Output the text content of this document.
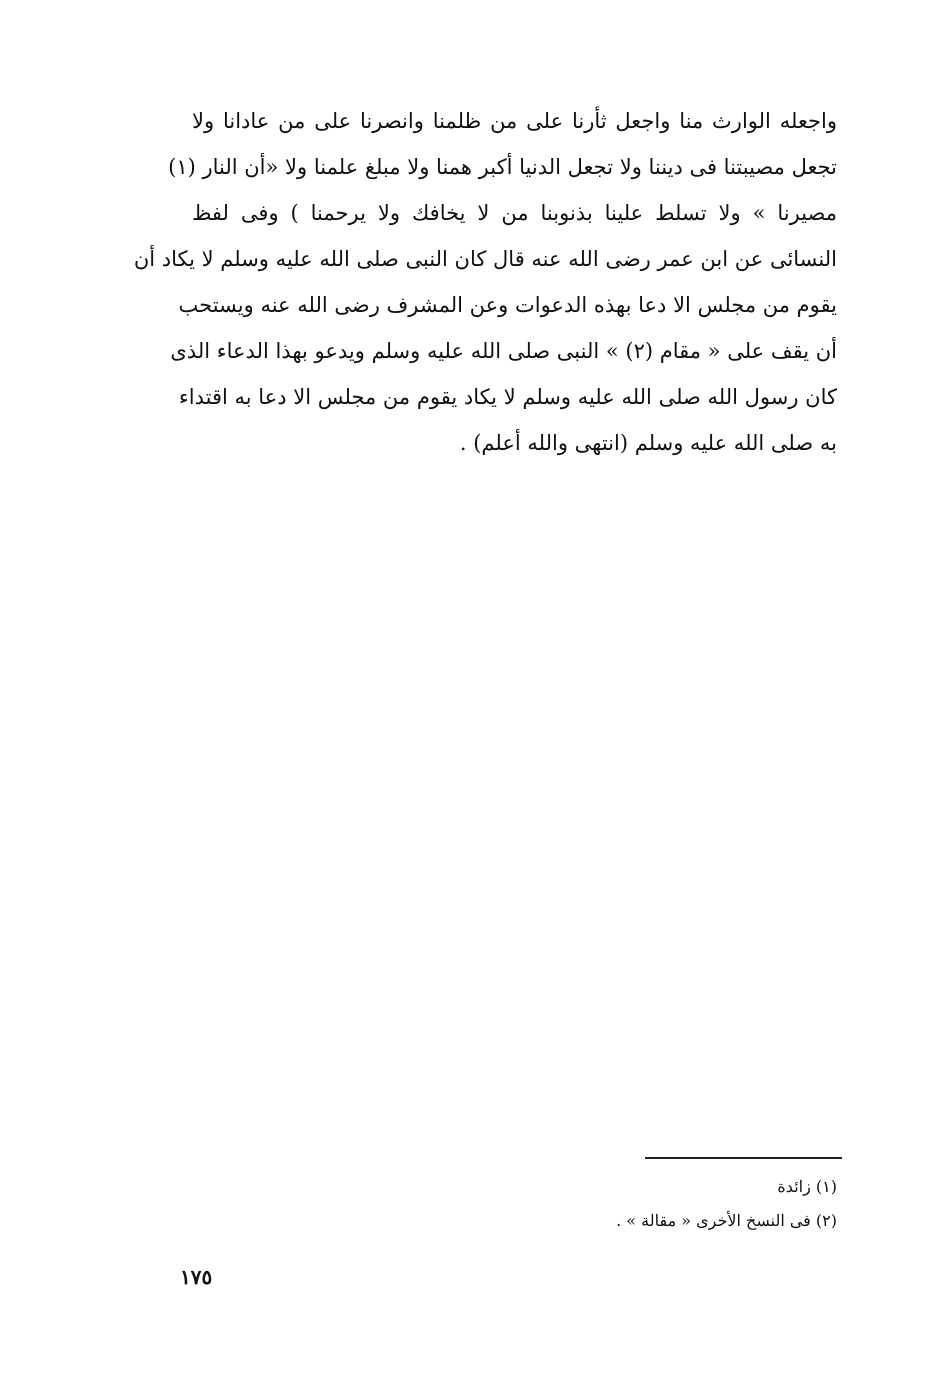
واجعله الوارث منا واجعل ثأرنا على من ظلمنا وانصرنا على من عادانا ولا
تجعل مصيبتنا فى ديننا ولا تجعل الدنيا أكبر همنا ولا مبلغ علمنا ولا «أن النار (١)
مصيرنا » ولا تسلط علينا بذنوبنا من لا يخافك ولا يرحمنا ) وفى لفظ
النسائى عن ابن عمر رضى الله عنه قال كان النبى صلى الله عليه وسلم لا يكاد أن
يقوم من مجلس الا دعا بهذه الدعوات وعن المشرف رضى الله عنه ويستحب
أن يقف على « مقام (٢) » النبى صلى الله عليه وسلم ويدعو بهذا الدعاء الذى
كان رسول الله صلى الله عليه وسلم لا يكاد يقوم من مجلس الا دعا به اقتداء
به صلى الله عليه وسلم (انتهى والله أعلم) .
(١) زائدة
(٢) فى النسخ الأخرى « مقالة » .
١٧٥
